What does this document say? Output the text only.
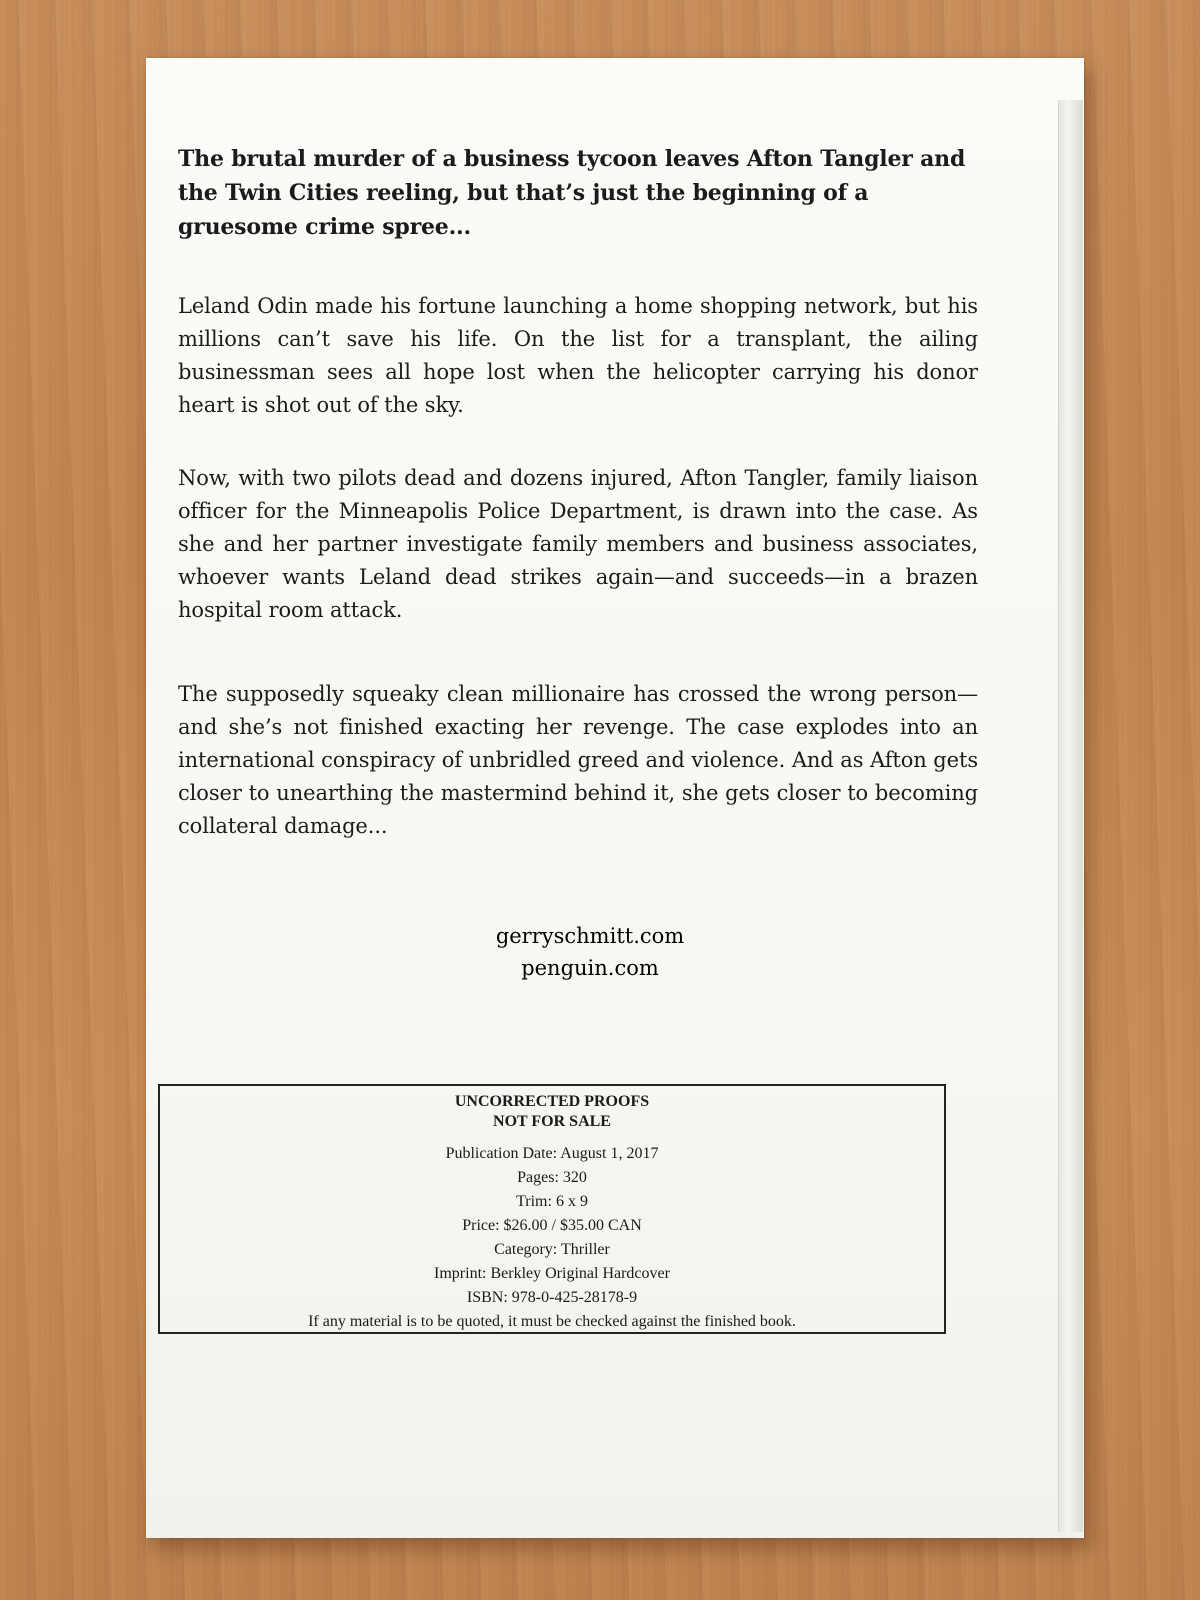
The brutal murder of a business tycoon leaves Afton Tangler and the Twin Cities reeling, but that’s just the beginning of a gruesome crime spree...

Leland Odin made his fortune launching a home shopping network, but his millions can’t save his life. On the list for a transplant, the ailing businessman sees all hope lost when the helicopter carrying his donor heart is shot out of the sky.

Now, with two pilots dead and dozens injured, Afton Tangler, family liaison officer for the Minneapolis Police Department, is drawn into the case. As she and her partner investigate family members and business associates, whoever wants Leland dead strikes again—and succeeds—in a brazen hospital room attack.

The supposedly squeaky clean millionaire has crossed the wrong person—and she’s not finished exacting her revenge. The case explodes into an international conspiracy of unbridled greed and violence. And as Afton gets closer to unearthing the mastermind behind it, she gets closer to becoming collateral damage...

gerryschmitt.com
penguin.com
UNCORRECTED PROOFS
NOT FOR SALE
Publication Date: August 1, 2017
Pages: 320
Trim: 6 x 9
Price: $26.00 / $35.00 CAN
Category: Thriller
Imprint: Berkley Original Hardcover
ISBN: 978-0-425-28178-9
If any material is to be quoted, it must be checked against the finished book.
